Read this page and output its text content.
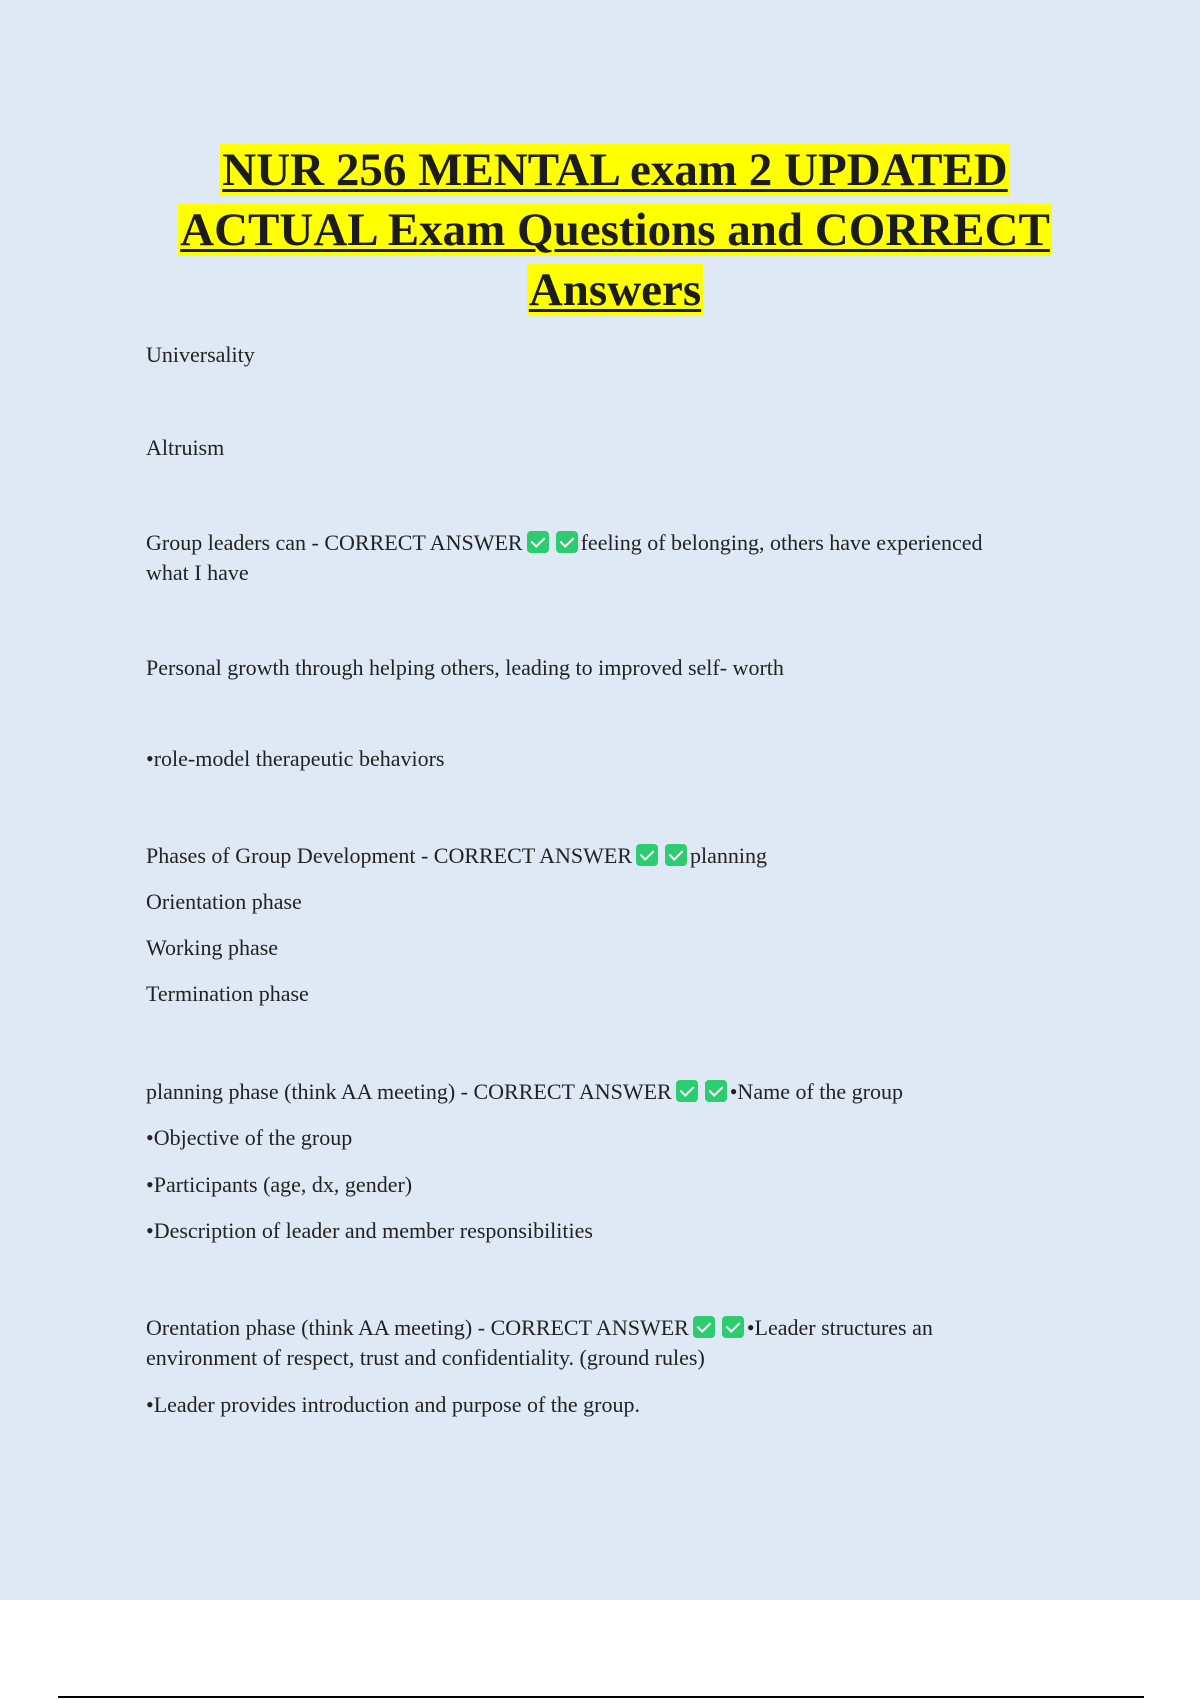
NUR 256 MENTAL exam 2 UPDATED
ACTUAL Exam Questions and CORRECT
Answers
Universality
Altruism
Group leaders can - CORRECT ANSWER	feeling of belonging, others have experienced
what I have
Personal growth through helping others, leading to improved self- worth
•role-model therapeutic behaviors
Phases of Group Development - CORRECT ANSWER	planning
Orientation phase
Working phase
Termination phase
planning phase (think AA meeting) - CORRECT ANSWER	•Name of the group
•Objective of the group
•Participants (age, dx, gender)
•Description of leader and member responsibilities
Orentation phase (think AA meeting) - CORRECT ANSWER	•Leader structures an
environment of respect, trust and confidentiality. (ground rules)
•Leader provides introduction and purpose of the group.
